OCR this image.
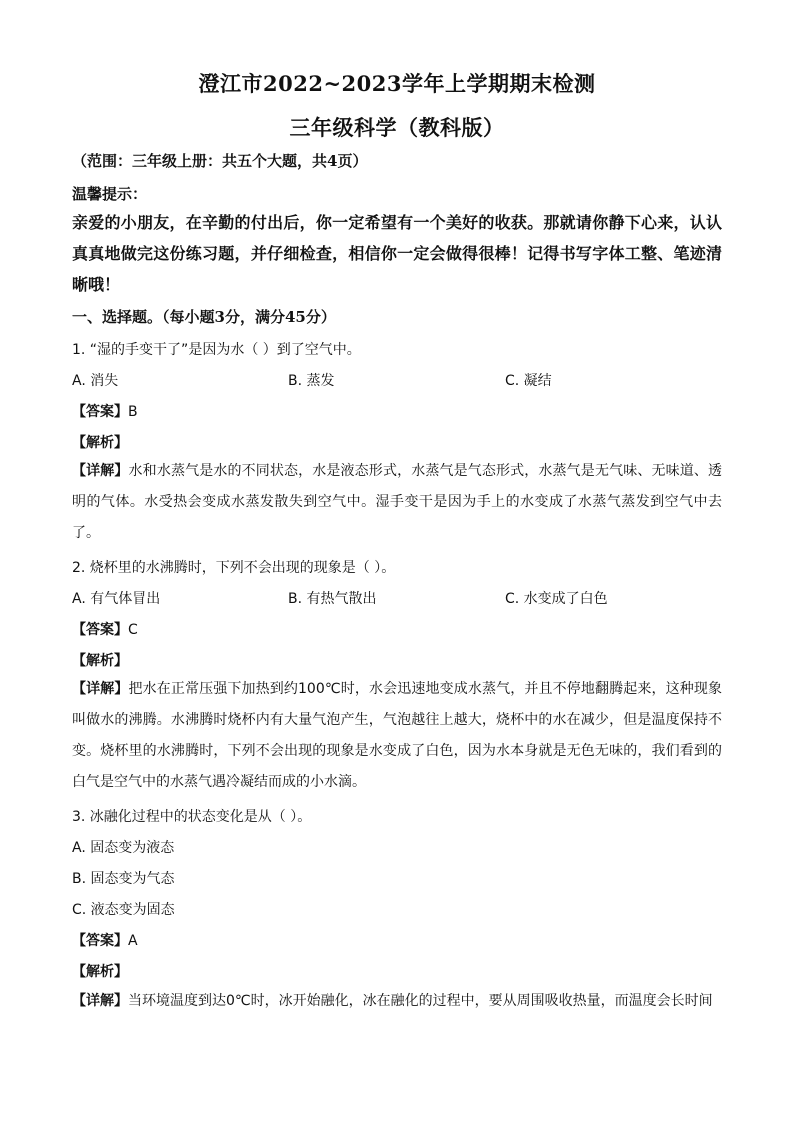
澄江市2022~2023学年上学期期末检测
三年级科学（教科版）
（范围：三年级上册：共五个大题，共4页）
温馨提示：
亲爱的小朋友，在辛勤的付出后，你一定希望有一个美好的收获。那就请你静下心来，认认真真地做完这份练习题，并仔细检查，相信你一定会做得很棒！记得书写字体工整、笔迹清晰哦！
一、选择题。（每小题3分，满分45分）
1. “湿的手变干了”是因为水（ ）到了空气中。
A. 消失	B. 蒸发	C. 凝结
【答案】B
【解析】
【详解】水和水蒸气是水的不同状态，水是液态形式，水蒸气是气态形式，水蒸气是无气味、无味道、透明的气体。水受热会变成水蒸发散失到空气中。湿手变干是因为手上的水变成了水蒸气蒸发到空气中去了。
2. 烧杯里的水沸腾时，下列不会出现的现象是（ ）。
A. 有气体冒出	B. 有热气散出	C. 水变成了白色
【答案】C
【解析】
【详解】把水在正常压强下加热到约100℃时，水会迅速地变成水蒸气，并且不停地翻腾起来，这种现象叫做水的沸腾。水沸腾时烧杯内有大量气泡产生，气泡越往上越大，烧杯中的水在减少，但是温度保持不变。烧杯里的水沸腾时，下列不会出现的现象是水变成了白色，因为水本身就是无色无味的，我们看到的白气是空气中的水蒸气遇冷凝结而成的小水滴。
3. 冰融化过程中的状态变化是从（ ）。
A. 固态变为液态
B. 固态变为气态
C. 液态变为固态
【答案】A
【解析】
【详解】当环境温度到达0℃时，冰开始融化，冰在融化的过程中，要从周围吸收热量，而温度会长时间
